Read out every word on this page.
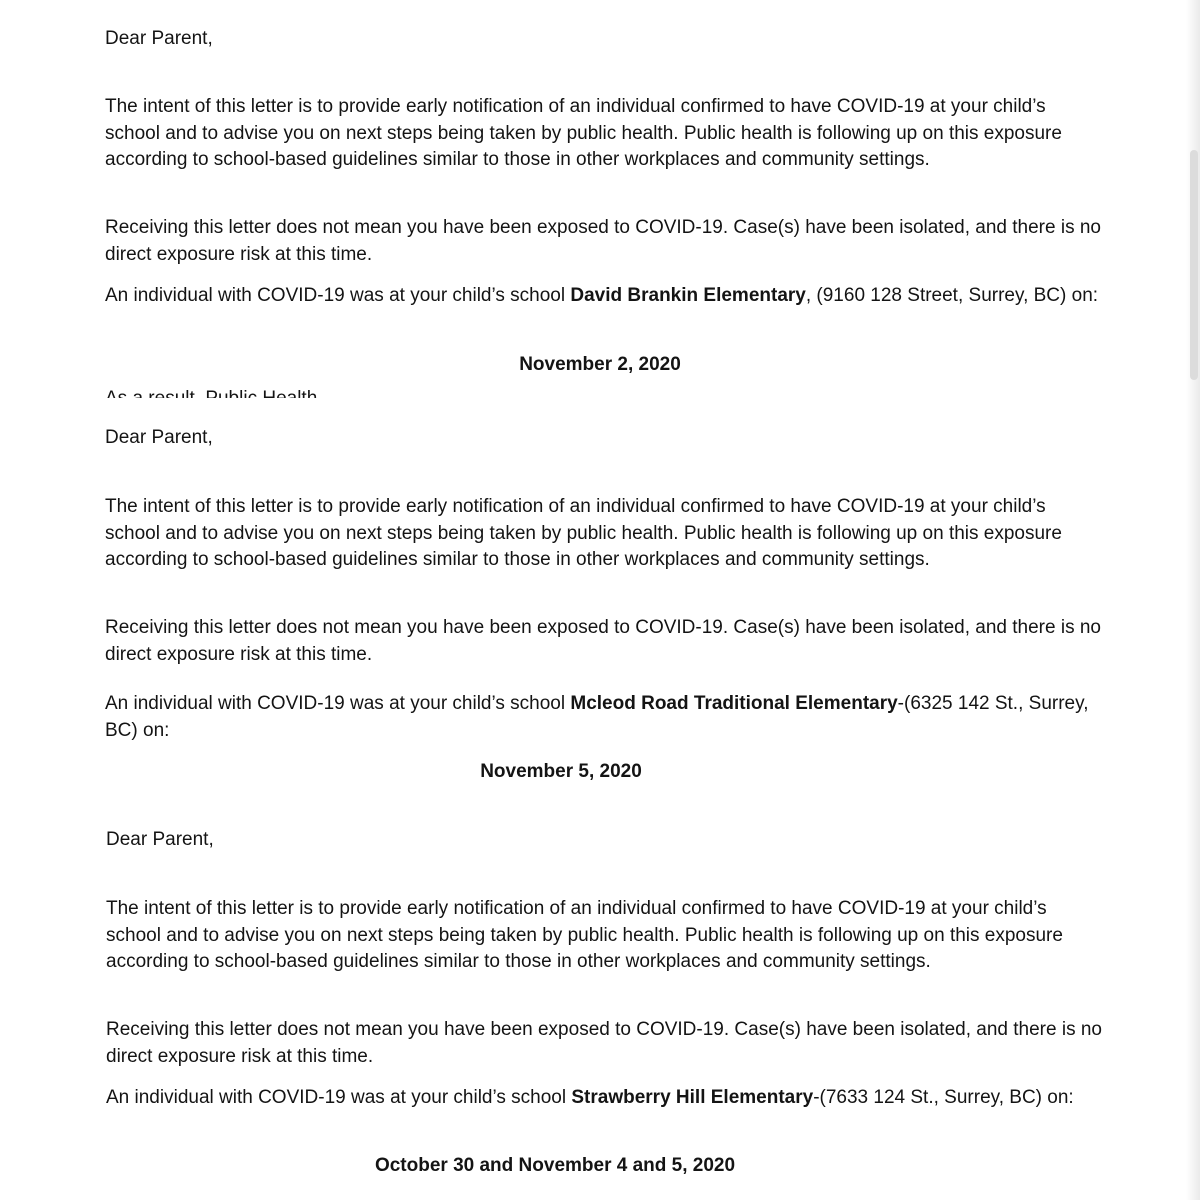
Dear Parent,

The intent of this letter is to provide early notification of an individual confirmed to have COVID-19 at your child’s school and to advise you on next steps being taken by public health. Public health is following up on this exposure according to school-based guidelines similar to those in other workplaces and community settings.

Receiving this letter does not mean you have been exposed to COVID-19. Case(s) have been isolated, and there is no direct exposure risk at this time.

An individual with COVID-19 was at your child’s school David Brankin Elementary, (9160 128 Street, Surrey, BC) on:

November 2, 2020

Dear Parent,

The intent of this letter is to provide early notification of an individual confirmed to have COVID-19 at your child’s school and to advise you on next steps being taken by public health. Public health is following up on this exposure according to school-based guidelines similar to those in other workplaces and community settings.

Receiving this letter does not mean you have been exposed to COVID-19. Case(s) have been isolated, and there is no direct exposure risk at this time.

An individual with COVID-19 was at your child’s school Mcleod Road Traditional Elementary-(6325 142 St., Surrey, BC) on:

November 5, 2020

Dear Parent,

The intent of this letter is to provide early notification of an individual confirmed to have COVID-19 at your child’s school and to advise you on next steps being taken by public health. Public health is following up on this exposure according to school-based guidelines similar to those in other workplaces and community settings.

Receiving this letter does not mean you have been exposed to COVID-19. Case(s) have been isolated, and there is no direct exposure risk at this time.

An individual with COVID-19 was at your child’s school Strawberry Hill Elementary-(7633 124 St., Surrey, BC) on:

October 30 and November 4 and 5, 2020
